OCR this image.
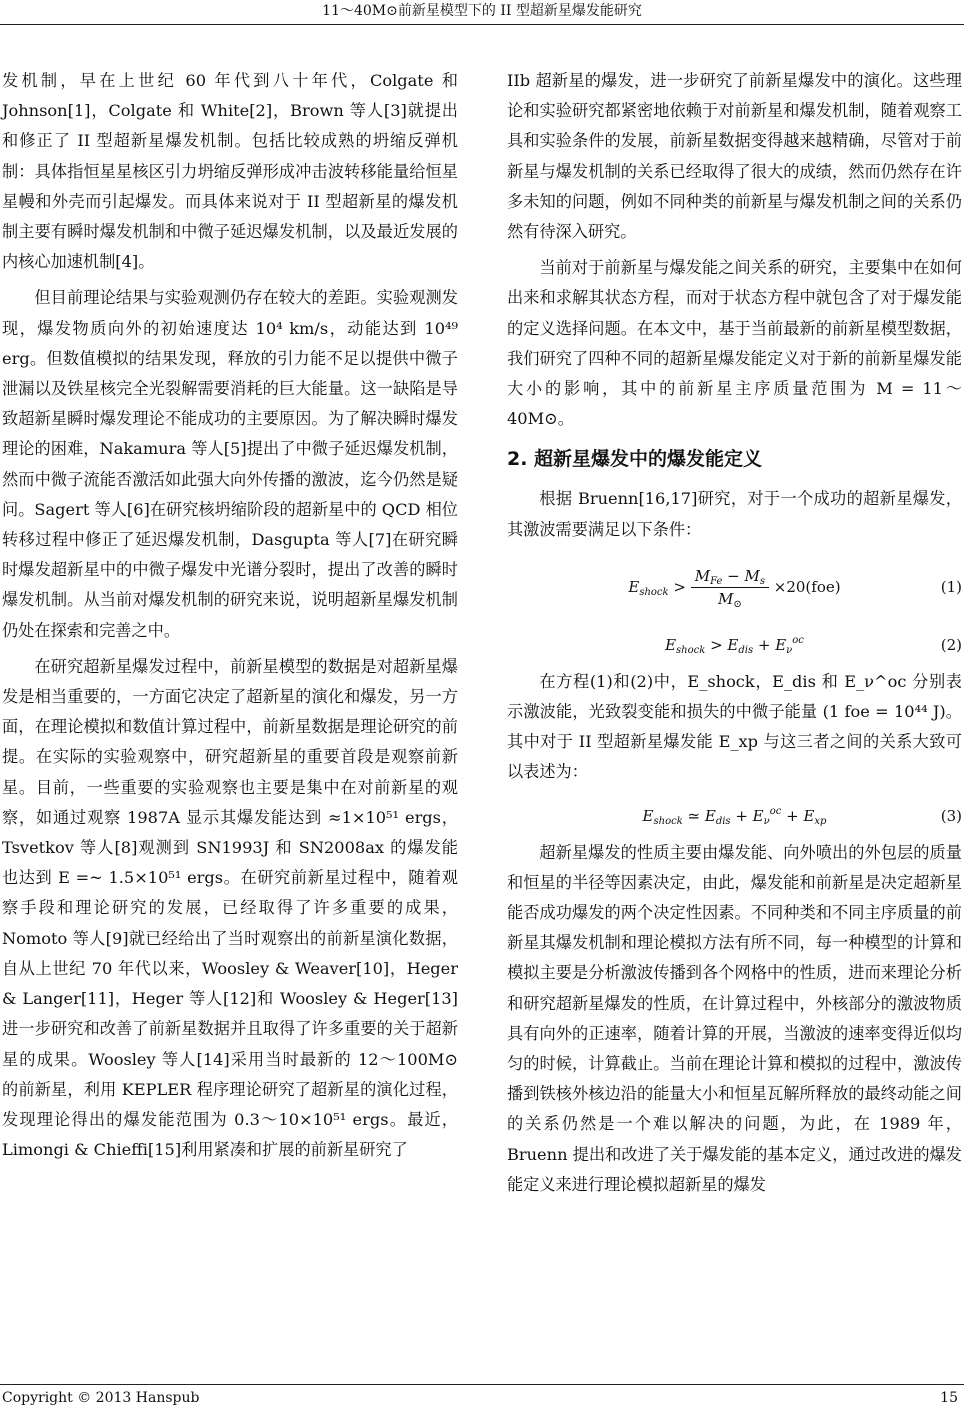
11～40M⊙前新星模型下的 II 型超新星爆发能研究

发机制，早在上世纪 60 年代到八十年代，Colgate 和 Johnson[1]，Colgate 和 White[2]，Brown 等人[3]就提出和修正了 II 型超新星爆发机制。包括比较成熟的坍缩反弹机制：具体指恒星星核区引力坍缩反弹形成冲击波转移能量给恒星星幔和外壳而引起爆发。而具体来说对于 II 型超新星的爆发机制主要有瞬时爆发机制和中微子延迟爆发机制，以及最近发展的内核心加速机制[4]。

但目前理论结果与实验观测仍存在较大的差距。实验观测发现，爆发物质向外的初始速度达 10⁴ km/s，动能达到 10⁴⁹ erg。但数值模拟的结果发现，释放的引力能不足以提供中微子泄漏以及铁星核完全光裂解需要消耗的巨大能量。这一缺陷是导致超新星瞬时爆发理论不能成功的主要原因。为了解决瞬时爆发理论的困难，Nakamura 等人[5]提出了中微子延迟爆发机制，然而中微子流能否激活如此强大向外传播的激波，迄今仍然是疑问。Sagert 等人[6]在研究核坍缩阶段的超新星中的 QCD 相位转移过程中修正了延迟爆发机制，Dasgupta 等人[7]在研究瞬时爆发超新星中的中微子爆发中光谱分裂时，提出了改善的瞬时爆发机制。从当前对爆发机制的研究来说，说明超新星爆发机制仍处在探索和完善之中。

在研究超新星爆发过程中，前新星模型的数据是对超新星爆发是相当重要的，一方面它决定了超新星的演化和爆发，另一方面，在理论模拟和数值计算过程中，前新星数据是理论研究的前提。在实际的实验观察中，研究超新星的重要首段是观察前新星。目前，一些重要的实验观察也主要是集中在对前新星的观察，如通过观察 1987A 显示其爆发能达到 ≈1×10⁵¹ ergs，Tsvetkov 等人[8]观测到 SN1993J 和 SN2008ax 的爆发能也达到 E =~ 1.5×10⁵¹ ergs。在研究前新星过程中，随着观察手段和理论研究的发展，已经取得了许多重要的成果，Nomoto 等人[9]就已经给出了当时观察出的前新星演化数据，自从上世纪 70 年代以来，Woosley & Weaver[10]，Heger & Langer[11]，Heger 等人[12]和 Woosley & Heger[13]进一步研究和改善了前新星数据并且取得了许多重要的关于超新星的成果。Woosley 等人[14]采用当时最新的 12～100M⊙ 的前新星，利用 KEPLER 程序理论研究了超新星的演化过程，发现理论得出的爆发能范围为 0.3～10×10⁵¹ ergs。最近，Limongi & Chieffi[15]利用紧凑和扩展的前新星研究了

IIb 超新星的爆发，进一步研究了前新星爆发中的演化。这些理论和实验研究都紧密地依赖于对前新星和爆发机制，随着观察工具和实验条件的发展，前新星数据变得越来越精确，尽管对于前新星与爆发机制的关系已经取得了很大的成绩，然而仍然存在许多未知的问题，例如不同种类的前新星与爆发机制之间的关系仍然有待深入研究。

当前对于前新星与爆发能之间关系的研究，主要集中在如何出来和求解其状态方程，而对于状态方程中就包含了对于爆发能的定义选择问题。在本文中，基于当前最新的前新星模型数据，我们研究了四种不同的超新星爆发能定义对于新的前新星爆发能大小的影响，其中的前新星主序质量范围为 M = 11～40M⊙。

2. 超新星爆发中的爆发能定义

根据 Bruenn[16,17]研究，对于一个成功的超新星爆发，其激波需要满足以下条件：

$E_{shock} > \frac{M_{Fe} - M_s}{M_⊙} \times 20(foe)$	(1)
$E_{shock} > E_{dis} + E_\nu^{oc}$	(2)

在方程(1)和(2)中，E_shock，E_dis 和 E_ν^oc 分别表示激波能，光致裂变能和损失的中微子能量 (1 foe = 10⁴⁴ J)。其中对于 II 型超新星爆发能 E_xp 与这三者之间的关系大致可以表述为：

$E_{shock}$ ≃ $E_{dis} + E_\nu^{oc} + E_{xp}$	(3)

超新星爆发的性质主要由爆发能、向外喷出的外包层的质量和恒星的半径等因素决定，由此，爆发能和前新星是决定超新星能否成功爆发的两个决定性因素。不同种类和不同主序质量的前新星其爆发机制和理论模拟方法有所不同，每一种模型的计算和模拟主要是分析激波传播到各个网格中的性质，进而来理论分析和研究超新星爆发的性质，在计算过程中，外核部分的激波物质具有向外的正速率，随着计算的开展，当激波的速率变得近似均匀的时候，计算截止。当前在理论计算和模拟的过程中，激波传播到铁核外核边沿的能量大小和恒星瓦解所释放的最终动能之间的关系仍然是一个难以解决的问题，为此，在 1989 年，Bruenn 提出和改进了关于爆发能的基本定义，通过改进的爆发能定义来进行理论模拟超新星的爆发

Copyright © 2013 Hanspub	15
